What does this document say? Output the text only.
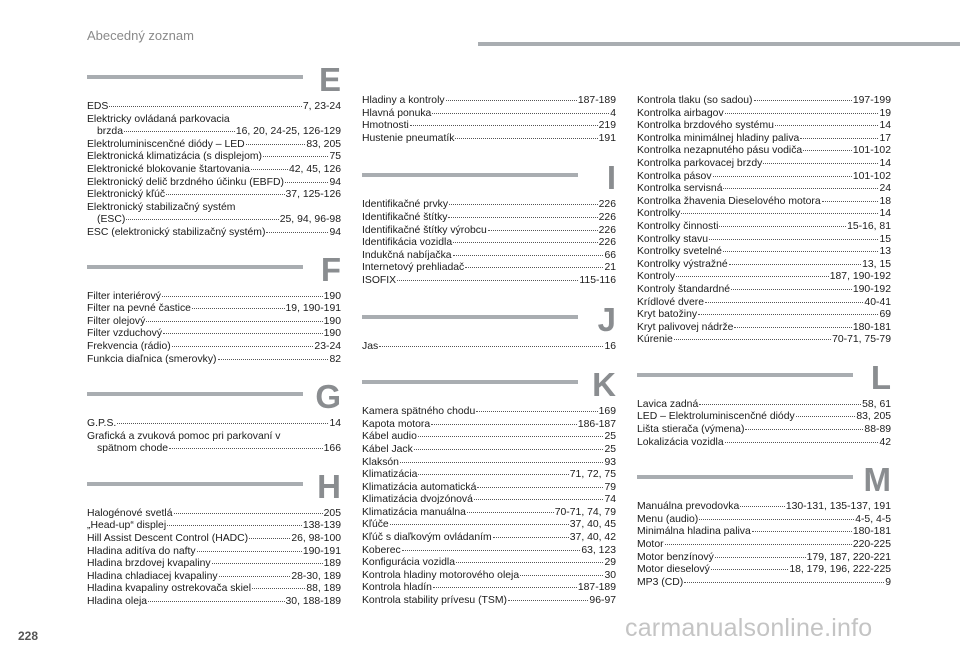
Abecedný zoznam
E
EDS	7, 23-24
Elektricky ovládaná parkovacia
brzda	16, 20, 24-25, 126-129
Elektroluminiscenčné diódy – LED	83, 205
Elektronická klimatizácia (s displejom)	75
Elektronické blokovanie štartovania	42, 45, 126
Elektronický delič brzdného účinku (EBFD)	94
Elektronický kľúč	37, 125-126
Elektronický stabilizačný systém
(ESC)	25, 94, 96-98
ESC (elektronický stabilizačný systém)	94
F
Filter interiérový	190
Filter na pevné častice	19, 190-191
Filter olejový	190
Filter vzduchový	190
Frekvencia (rádio)	23-24
Funkcia diaľnica (smerovky)	82
G
G.P.S.	14
Grafická a zvuková pomoc pri parkovaní v
spätnom chode	166
H
Halogénové svetlá	205
„Head-up“ displej	138-139
Hill Assist Descent Control (HADC)	26, 98-100
Hladina aditíva do nafty	190-191
Hladina brzdovej kvapaliny	189
Hladina chladiacej kvapaliny	28-30, 189
Hladina kvapaliny ostrekovača skiel	88, 189
Hladina oleja	30, 188-189
Hladiny a kontroly	187-189
Hlavná ponuka	4
Hmotnosti	219
Hustenie pneumatík	191
I
Identifikačné prvky	226
Identifikačné štítky	226
Identifikačné štítky výrobcu	226
Identifikácia vozidla	226
Indukčná nabíjačka	66
Internetový prehliadač	21
ISOFIX	115-116
J
Jas	16
K
Kamera spätného chodu	169
Kapota motora	186-187
Kábel audio	25
Kábel Jack	25
Klaksón	93
Klimatizácia	71, 72, 75
Klimatizácia automatická	79
Klimatizácia dvojzónová	74
Klimatizácia manuálna	70-71, 74, 79
Kľúče	37, 40, 45
Kľúč s diaľkovým ovládaním	37, 40, 42
Koberec	63, 123
Konfigurácia vozidla	29
Kontrola hladiny motorového oleja	30
Kontrola hladín	187-189
Kontrola stability prívesu (TSM)	96-97
Kontrola tlaku (so sadou)	197-199
Kontrolka airbagov	19
Kontrolka brzdového systému	14
Kontrolka minimálnej hladiny paliva	17
Kontrolka nezapnutého pásu vodiča	101-102
Kontrolka parkovacej brzdy	14
Kontrolka pásov	101-102
Kontrolka servisná	24
Kontrolka žhavenia Dieselového motora	18
Kontrolky	14
Kontrolky činnosti	15-16, 81
Kontrolky stavu	15
Kontrolky svetelné	13
Kontrolky výstražné	13, 15
Kontroly	187, 190-192
Kontroly štandardné	190-192
Krídlové dvere	40-41
Kryt batožiny	69
Kryt palivovej nádrže	180-181
Kúrenie	70-71, 75-79
L
Lavica zadná	58, 61
LED – Elektroluminiscenčné diódy	83, 205
Lišta stierača (výmena)	88-89
Lokalizácia vozidla	42
M
Manuálna prevodovka	130-131, 135-137, 191
Menu (audio)	4-5, 4-5
Minimálna hladina paliva	180-181
Motor	220-225
Motor benzínový	179, 187, 220-221
Motor dieselový	18, 179, 196, 222-225
MP3 (CD)	9
228	carmanualsonline.info
